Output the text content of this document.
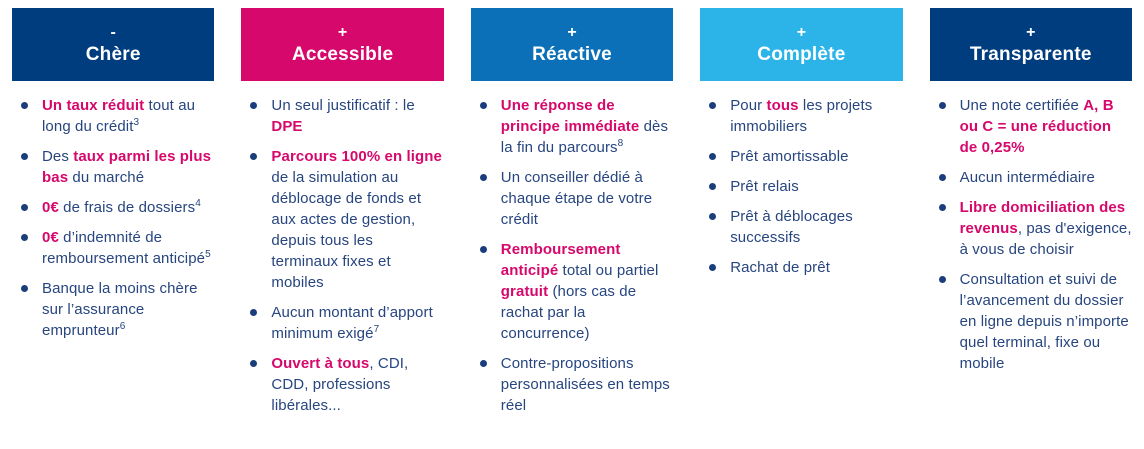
-
Chère
Un taux réduit tout au long du crédit$^3$
Des taux parmi les plus bas du marché
0€ de frais de dossiers$^4$
0€ d’indemnité de remboursement anticipé$^5$
Banque la moins chère sur l’assurance emprunteur$^6$
+
Accessible
Un seul justificatif : le DPE
Parcours 100% en ligne de la simulation au déblocage de fonds et aux actes de gestion, depuis tous les terminaux fixes et mobiles
Aucun montant d’apport minimum exigé$^7$
Ouvert à tous, CDI, CDD, professions libérales...
+
Réactive
Une réponse de principe immédiate dès la fin du parcours$^8$
Un conseiller dédié à chaque étape de votre crédit
Remboursement anticipé total ou partiel gratuit (hors cas de rachat par la concurrence)
Contre-propositions personnalisées en temps réel
+
Complète
Pour tous les projets immobiliers
Prêt amortissable
Prêt relais
Prêt à déblocages successifs
Rachat de prêt
+
Transparente
Une note certifiée A, B ou C = une réduction de 0,25%
Aucun intermédiaire
Libre domiciliation des revenus, pas d'exigence, à vous de choisir
Consultation et suivi de l’avancement du dossier en ligne depuis n’importe quel terminal, fixe ou mobile
